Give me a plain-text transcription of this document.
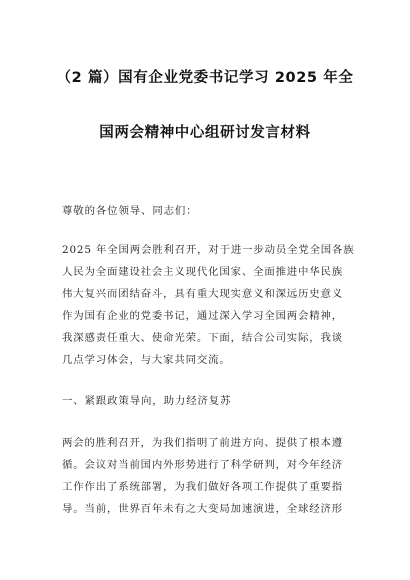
（2 篇）国有企业党委书记学习 2025 年全
国两会精神中心组研讨发言材料
尊敬的各位领导、同志们：
2025 年全国两会胜利召开，对于进一步动员全党全国各族
人民为全面建设社会主义现代化国家、全面推进中华民族
伟大复兴而团结奋斗，具有重大现实意义和深远历史意义
作为国有企业的党委书记，通过深入学习全国两会精神，
我深感责任重大、使命光荣。下面，结合公司实际，我谈
几点学习体会，与大家共同交流。
一、紧跟政策导向，助力经济复苏
两会的胜利召开，为我们指明了前进方向、提供了根本遵
循。会议对当前国内外形势进行了科学研判，对今年经济
工作作出了系统部署，为我们做好各项工作提供了重要指
导。当前，世界百年未有之大变局加速演进，全球经济形
